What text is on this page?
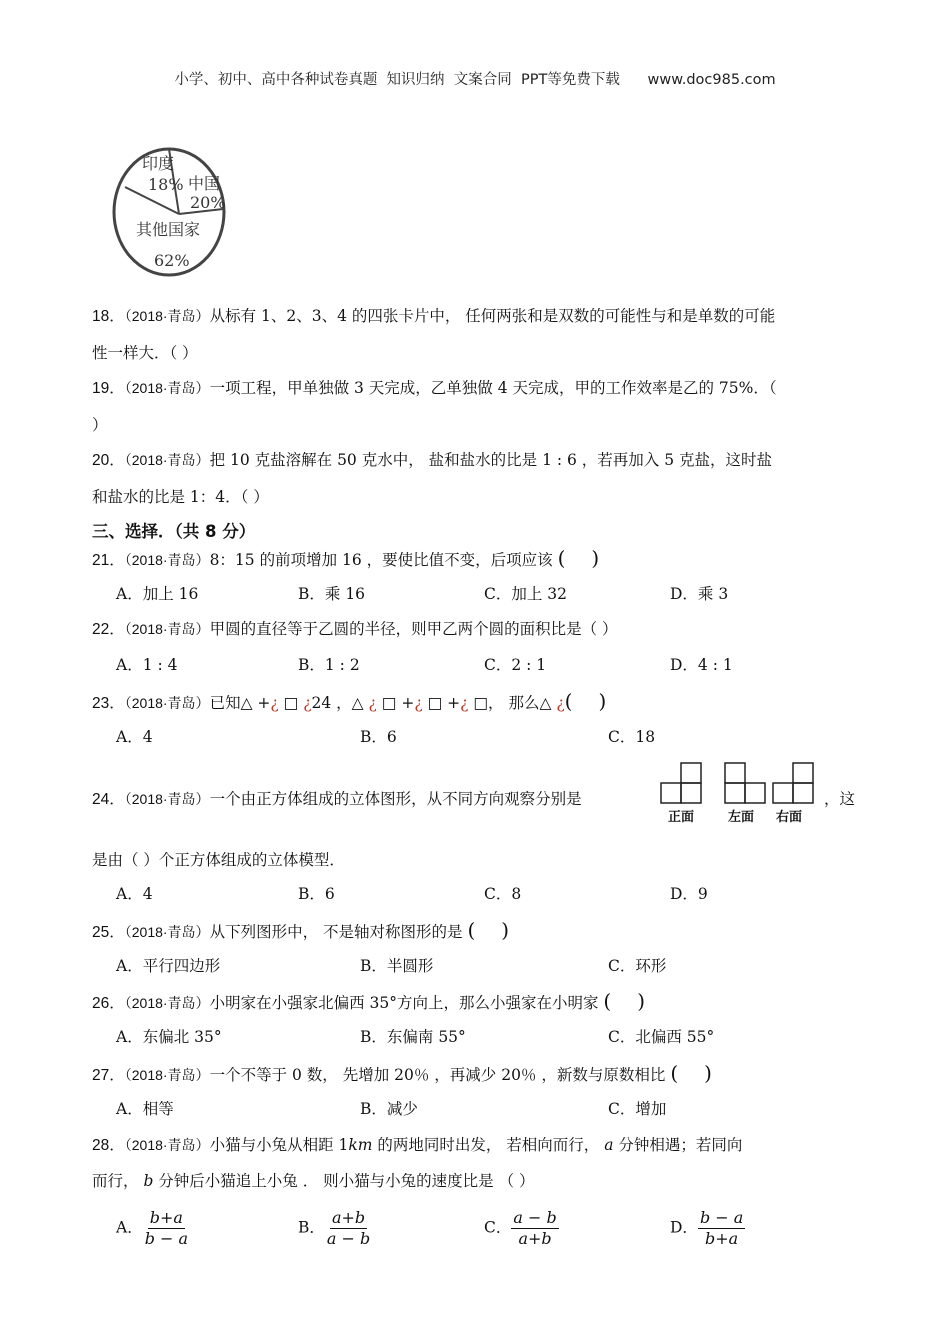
小学、初中、高中各种试卷真题  知识归纳  文案合同  PPT等免费下载      www.doc985.com
印度
18% 中国
20%
其他国家
62%
18．（2018·青岛）从标有 1、2、3、4 的四张卡片中， 任何两张和是双数的可能性与和是单数的可能
性一样大．（ ）
19．（2018·青岛）一项工程，甲单独做 3 天完成，乙单独做 4 天完成，甲的工作效率是乙的 75%．（
）
20．（2018·青岛）把 10 克盐溶解在 50 克水中， 盐和盐水的比是 1 : 6 ，若再加入 5 克盐，这时盐
和盐水的比是 1：4．（ ）
三、选择．（共 8 分）
21．（2018·青岛）8：15 的前项增加 16 ，要使比值不变，后项应该 ( )
A．加上 16	B．乘 16	C．加上 32	D．乘 3
22．（2018·青岛）甲圆的直径等于乙圆的半径，则甲乙两个圆的面积比是（ ）
A．1 : 4	B．1 : 2	C．2 : 1	D．4 : 1
23．（2018·青岛）已知△ +¿ □ ¿24 ，△ ¿ □ +¿ □ +¿ □， 那么△ ¿( )
A．4	B．6	C．18
24．（2018·青岛）一个由正方体组成的立体图形，从不同方向观察分别是	，这
正面	左面 右面
是由（ ）个正方体组成的立体模型．
A．4	B．6	C．8	D．9
25．（2018·青岛）从下列图形中， 不是轴对称图形的是 ( )
A．平行四边形	B．半圆形	C．环形
26．（2018·青岛）小明家在小强家北偏西 35°方向上，那么小强家在小明家 ( )
A．东偏北 35°	B．东偏南 55°	C．北偏西 55°
27．（2018·青岛）一个不等于 0 数， 先增加 20％ ，再减少 20％ ，新数与原数相比 ( )
A．相等	B．减少	C．增加
28．（2018·青岛）小猫与小兔从相距 1km 的两地同时出发， 若相向而行， a 分钟相遇；若同向
而行， b 分钟后小猫追上小兔 ． 则小猫与小兔的速度比是 （ ）
A． $\frac{b+a}{b - a}$	B． $\frac{a+b}{a - b}$	C． $\frac{a - b}{a+b}$	D． $\frac{b - a}{b+a}$
